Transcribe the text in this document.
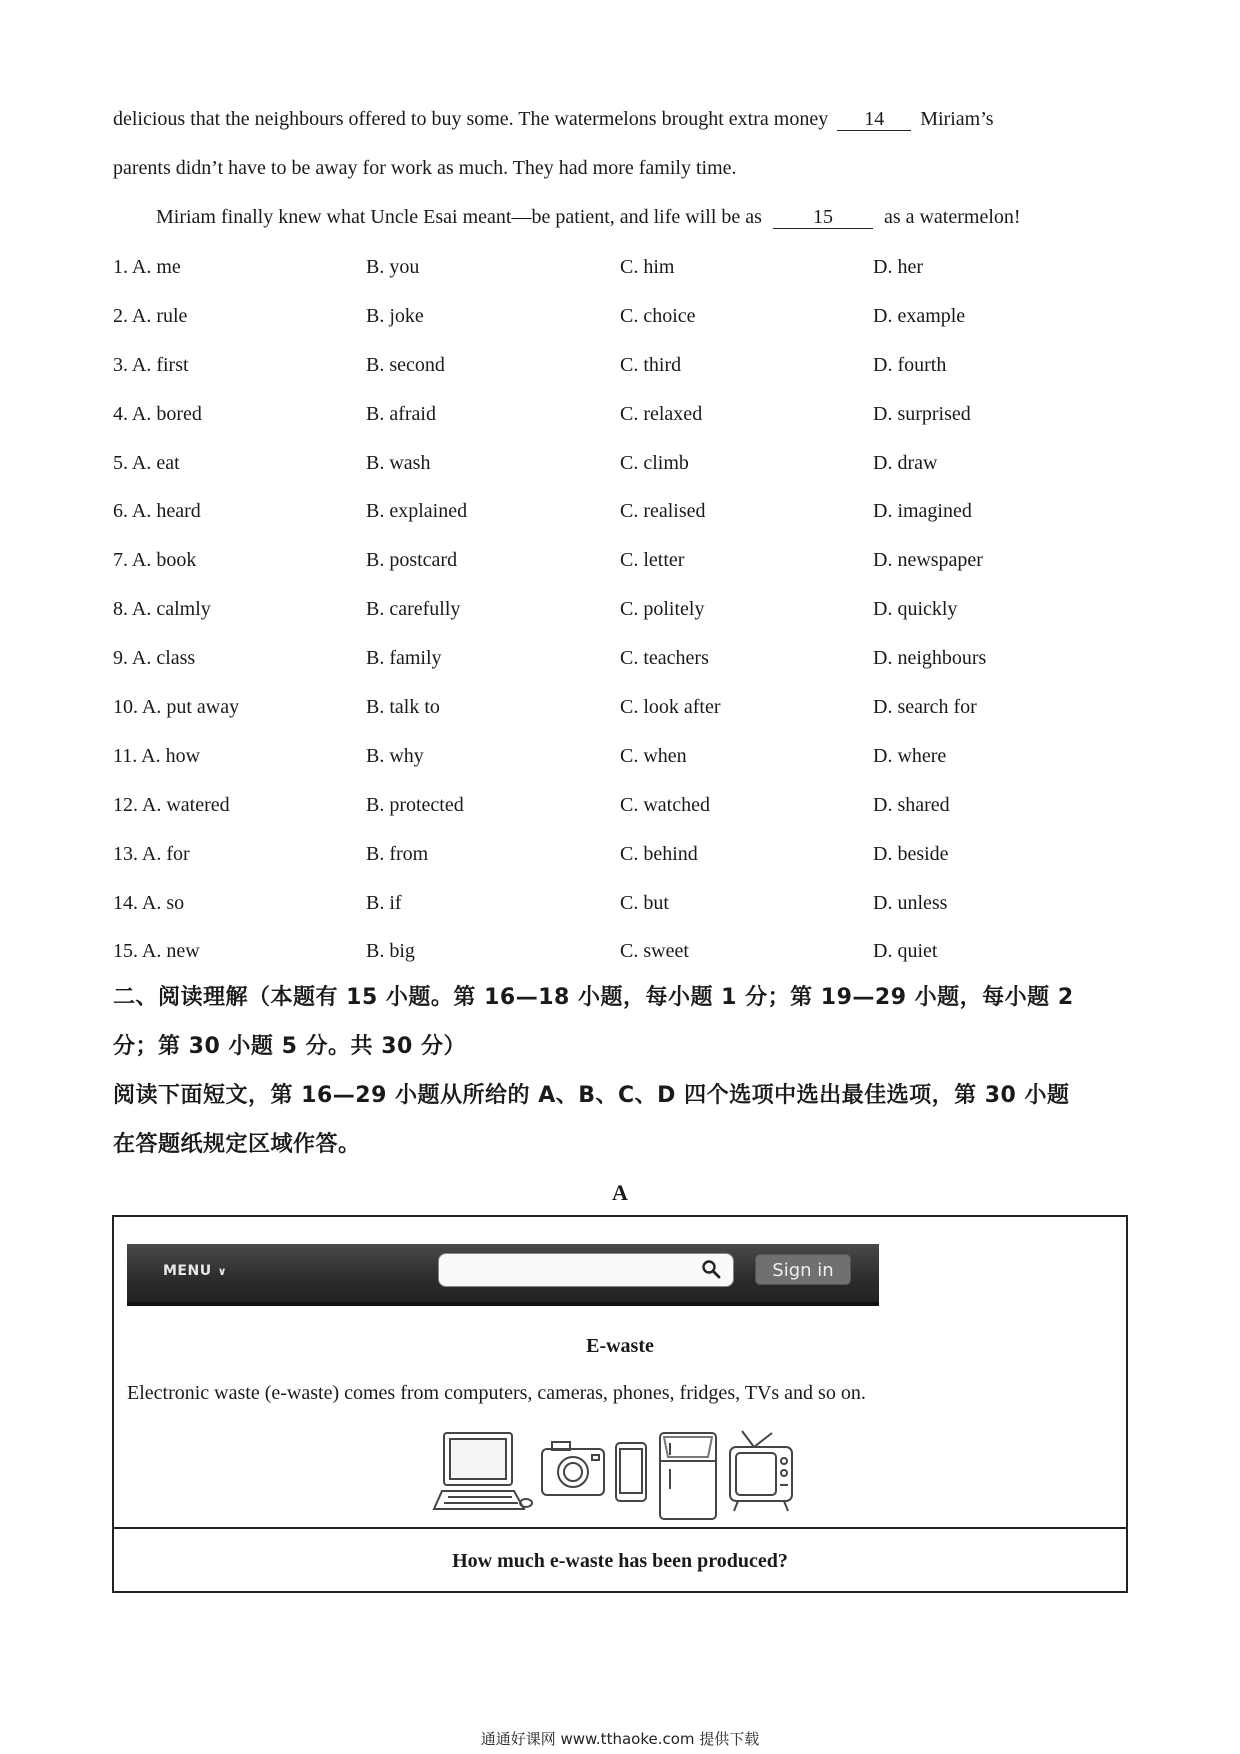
delicious that the neighbours offered to buy some. The watermelons brought extra money 14 Miriam’s
parents didn’t have to be away for work as much. They had more family time.
Miriam finally knew what Uncle Esai meant—be patient, and life will be as	15	as a watermelon!
1. A. me	B. you	C. him	D. her
2. A. rule	B. joke	C. choice	D. example
3. A. first	B. second	C. third	D. fourth
4. A. bored	B. afraid	C. relaxed	D. surprised
5. A. eat	B. wash	C. climb	D. draw
6. A. heard	B. explained	C. realised	D. imagined
7. A. book	B. postcard	C. letter	D. newspaper
8. A. calmly	B. carefully	C. politely	D. quickly
9. A. class	B. family	C. teachers	D. neighbours
10. A. put away	B. talk to	C. look after	D. search for
11. A. how	B. why	C. when	D. where
12. A. watered	B. protected	C. watched	D. shared
13. A. for	B. from	C. behind	D. beside
14. A. so	B. if	C. but	D. unless
15. A. new	B. big	C. sweet	D. quiet
二、阅读理解（本题有 15 小题。第 16—18 小题，每小题 1 分；第 19—29 小题，每小题 2
分；第 30 小题 5 分。共 30 分）
阅读下面短文，第 16—29 小题从所给的 A、B、C、D 四个选项中选出最佳选项，第 30 小题
在答题纸规定区域作答。
A
MENU ∨	Sign in
E-waste
Electronic waste (e-waste) comes from computers, cameras, phones, fridges, TVs and so on.
How much e-waste has been produced?
通通好课网 www.tthaoke.com 提供下载
